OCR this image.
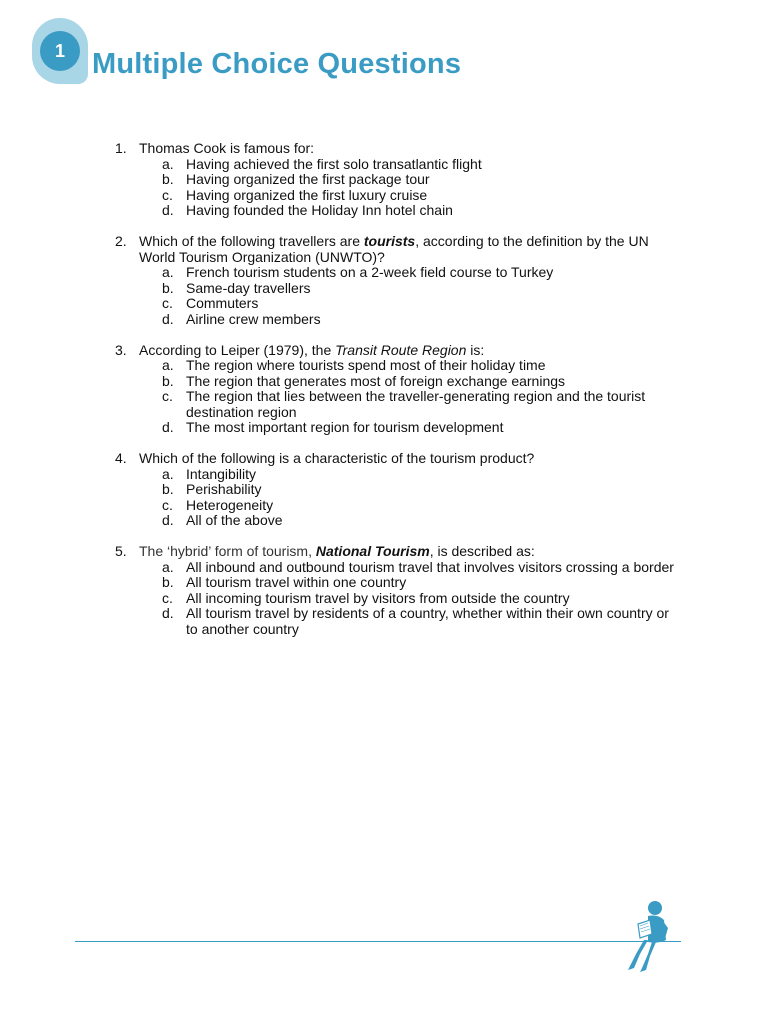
1 Multiple Choice Questions
1. Thomas Cook is famous for:
a. Having achieved the first solo transatlantic flight
b. Having organized the first package tour
c. Having organized the first luxury cruise
d. Having founded the Holiday Inn hotel chain
2. Which of the following travellers are tourists, according to the definition by the UN World Tourism Organization (UNWTO)?
a. French tourism students on a 2-week field course to Turkey
b. Same-day travellers
c. Commuters
d. Airline crew members
3. According to Leiper (1979), the Transit Route Region is:
a. The region where tourists spend most of their holiday time
b. The region that generates most of foreign exchange earnings
c. The region that lies between the traveller-generating region and the tourist destination region
d. The most important region for tourism development
4. Which of the following is a characteristic of the tourism product?
a. Intangibility
b. Perishability
c. Heterogeneity
d. All of the above
5. The ‘hybrid’ form of tourism, National Tourism, is described as:
a. All inbound and outbound tourism travel that involves visitors crossing a border
b. All tourism travel within one country
c. All incoming tourism travel by visitors from outside the country
d. All tourism travel by residents of a country, whether within their own country or to another country
